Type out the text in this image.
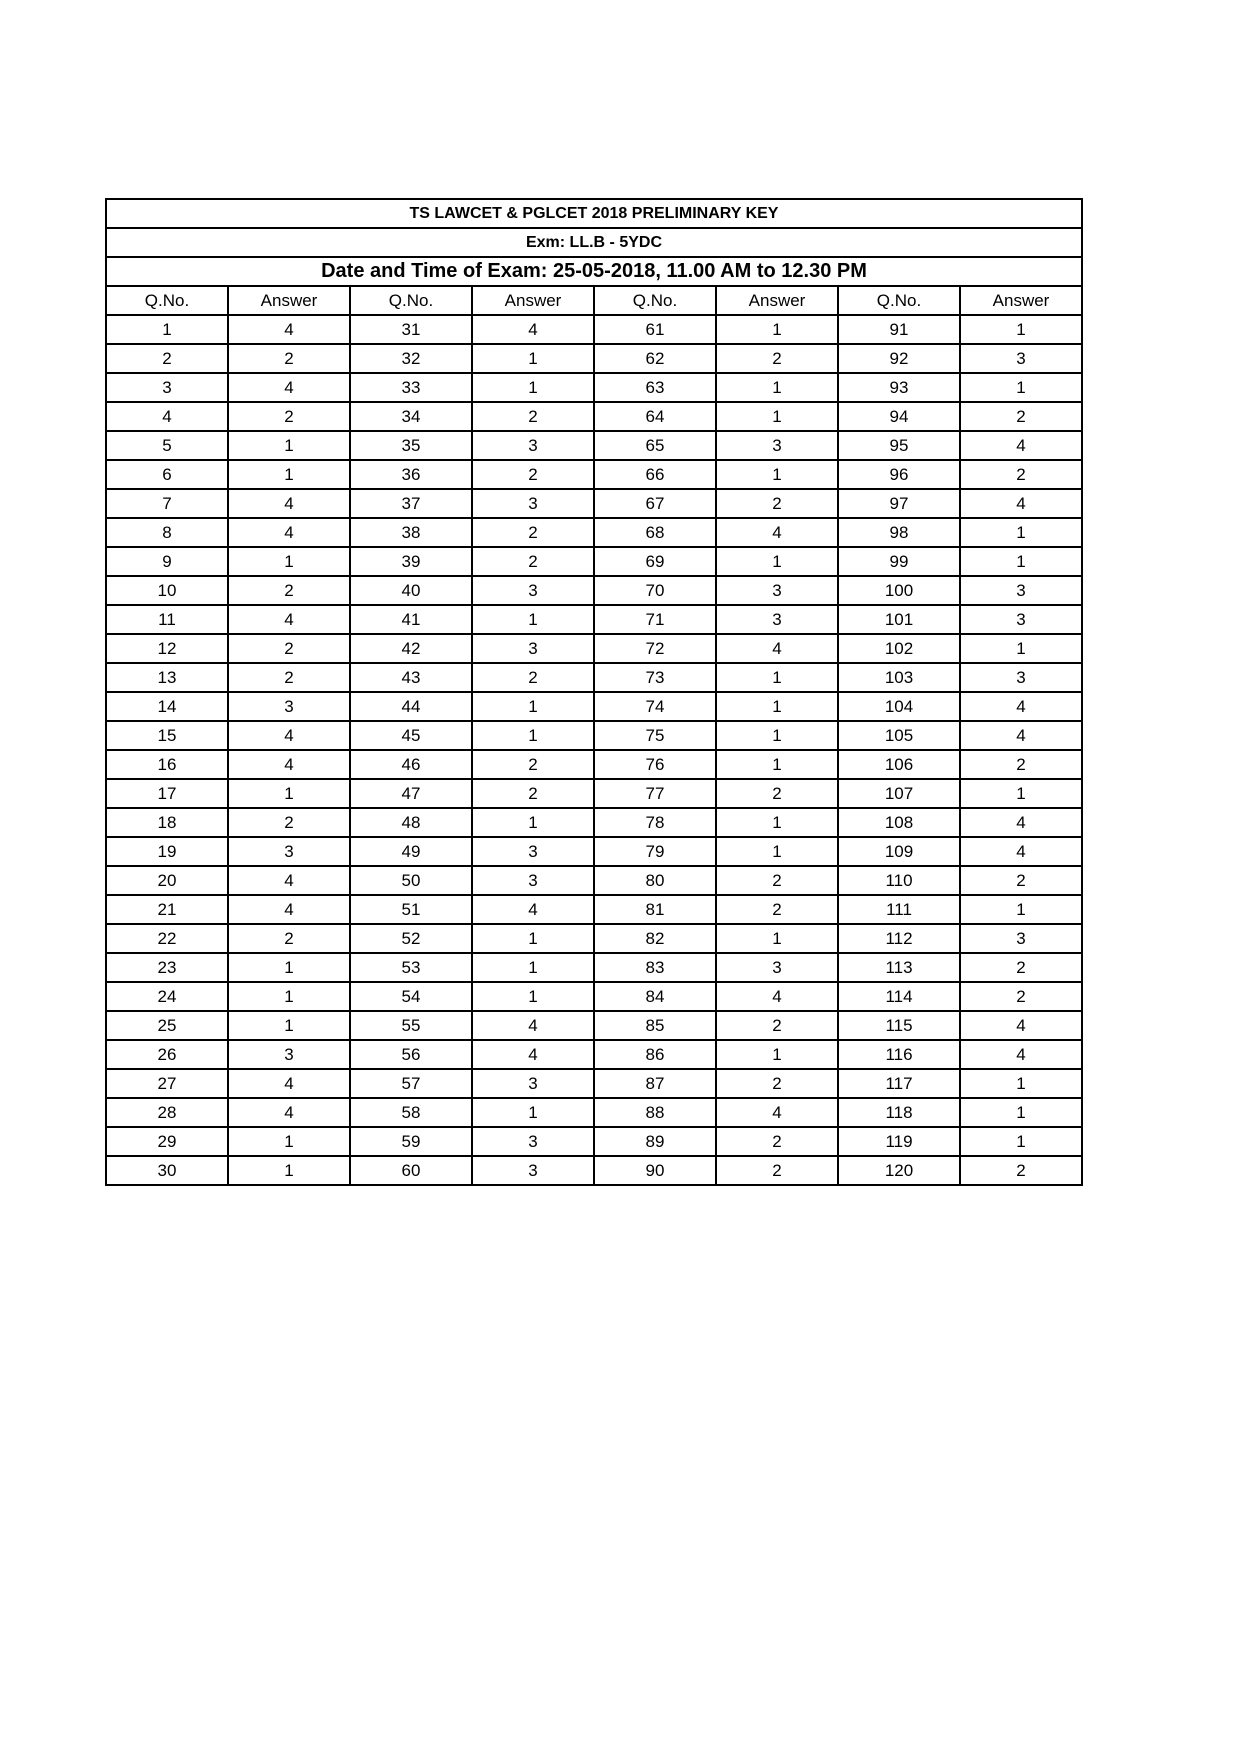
TS LAWCET & PGLCET 2018 PRELIMINARY KEY							
Exm: LL.B - 5YDC							
Date and Time of Exam: 25-05-2018, 11.00 AM to 12.30 PM							
Q.No.	Answer	Q.No.	Answer	Q.No.	Answer	Q.No.	Answer
1	4	31	4	61	1	91	1
2	2	32	1	62	2	92	3
3	4	33	1	63	1	93	1
4	2	34	2	64	1	94	2
5	1	35	3	65	3	95	4
6	1	36	2	66	1	96	2
7	4	37	3	67	2	97	4
8	4	38	2	68	4	98	1
9	1	39	2	69	1	99	1
10	2	40	3	70	3	100	3
11	4	41	1	71	3	101	3
12	2	42	3	72	4	102	1
13	2	43	2	73	1	103	3
14	3	44	1	74	1	104	4
15	4	45	1	75	1	105	4
16	4	46	2	76	1	106	2
17	1	47	2	77	2	107	1
18	2	48	1	78	1	108	4
19	3	49	3	79	1	109	4
20	4	50	3	80	2	110	2
21	4	51	4	81	2	111	1
22	2	52	1	82	1	112	3
23	1	53	1	83	3	113	2
24	1	54	1	84	4	114	2
25	1	55	4	85	2	115	4
26	3	56	4	86	1	116	4
27	4	57	3	87	2	117	1
28	4	58	1	88	4	118	1
29	1	59	3	89	2	119	1
30	1	60	3	90	2	120	2
